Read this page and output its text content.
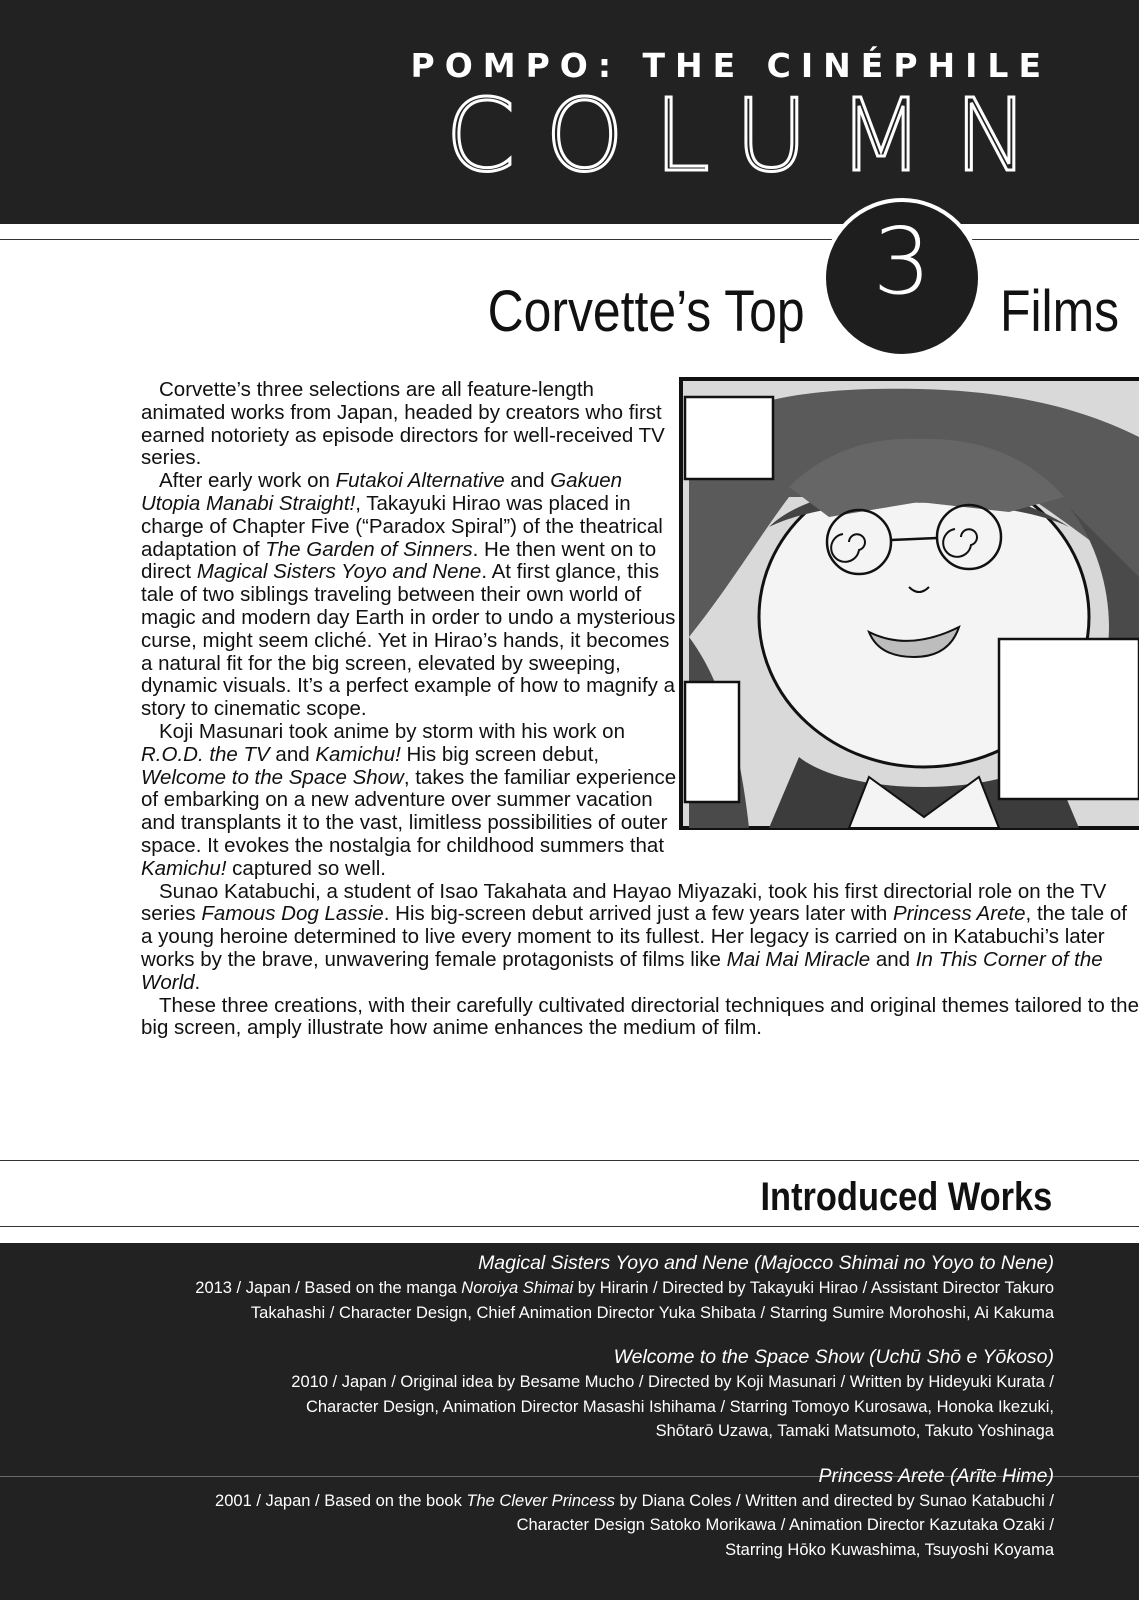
POMPO: THE CINÉPHILE
COLUMN
Corvette’s Top 3	Films

Corvette’s three selections are all feature-length animated works from Japan, headed by creators who first earned notoriety as episode directors for well-received TV series.

After early work on Futakoi Alternative and Gakuen Utopia Manabi Straight!, Takayuki Hirao was placed in charge of Chapter Five (“Paradox Spiral”) of the theatrical adaptation of The Garden of Sinners. He then went on to direct Magical Sisters Yoyo and Nene. At first glance, this tale of two siblings traveling between their own world of magic and modern day Earth in order to undo a mysterious curse, might seem cliché. Yet in Hirao’s hands, it becomes a natural fit for the big screen, elevated by sweeping, dynamic visuals. It’s a perfect example of how to magnify a story to cinematic scope.

Koji Masunari took anime by storm with his work on R.O.D. the TV and Kamichu! His big screen debut, Welcome to the Space Show, takes the familiar experience of embarking on a new adventure over summer vacation and transplants it to the vast, limitless possibilities of outer space. It evokes the nostalgia for childhood summers that Kamichu! captured so well.

Sunao Katabuchi, a student of Isao Takahata and Hayao Miyazaki, took his first directorial role on the TV series Famous Dog Lassie. His big-screen debut arrived just a few years later with Princess Arete, the tale of a young heroine determined to live every moment to its fullest. Her legacy is carried on in Katabuchi’s later works by the brave, unwavering female protagonists of films like Mai Mai Miracle and In This Corner of the World.

These three creations, with their carefully cultivated directorial techniques and original themes tailored to the big screen, amply illustrate how anime enhances the medium of film.

Introduced Works
Magical Sisters Yoyo and Nene (Majocco Shimai no Yoyo to Nene)
2013 / Japan / Based on the manga Noroiya Shimai by Hirarin / Directed by Takayuki Hirao / Assistant Director Takuro
Takahashi / Character Design, Chief Animation Director Yuka Shibata / Starring Sumire Morohoshi, Ai Kakuma
Welcome to the Space Show (Uchū Shō e Yōkoso)
2010 / Japan / Original idea by Besame Mucho / Directed by Koji Masunari / Written by Hideyuki Kurata /
Character Design, Animation Director Masashi Ishihama / Starring Tomoyo Kurosawa, Honoka Ikezuki,
Shōtarō Uzawa, Tamaki Matsumoto, Takuto Yoshinaga
Princess Arete (Arīte Hime)
2001 / Japan / Based on the book The Clever Princess by Diana Coles / Written and directed by Sunao Katabuchi /
Character Design Satoko Morikawa / Animation Director Kazutaka Ozaki /
Starring Hōko Kuwashima, Tsuyoshi Koyama
